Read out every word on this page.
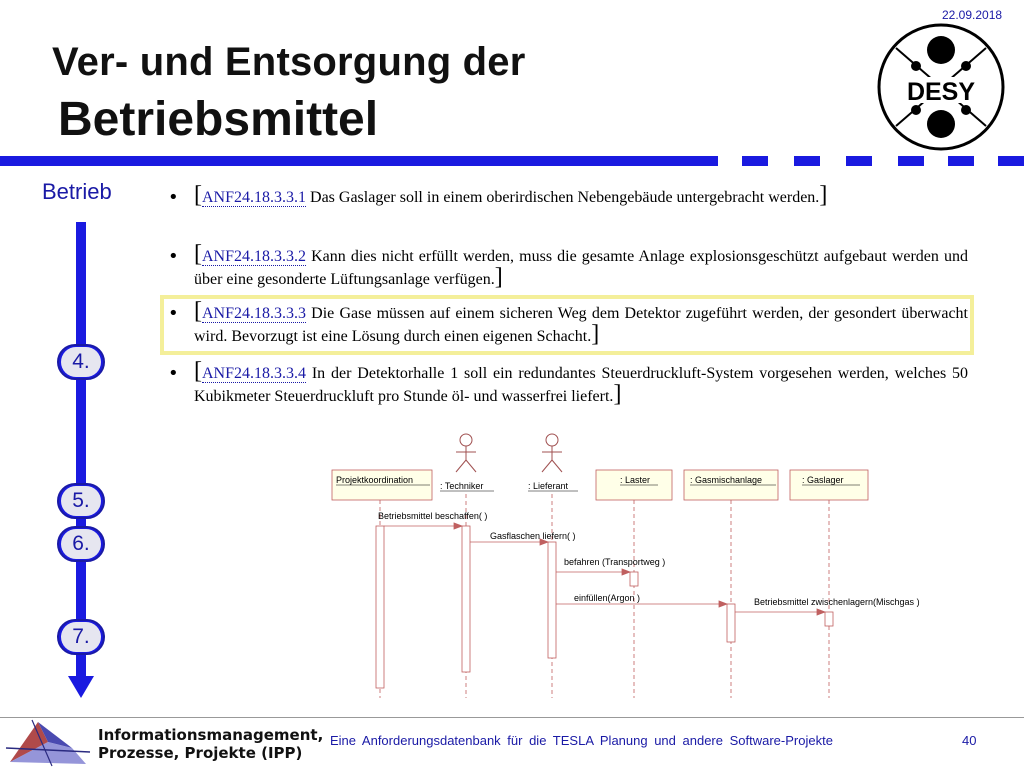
22.09.2018
Ver- und Entsorgung der
Betriebsmittel
DESY
Betrieb
4.
5.
6.
7.
• [ANF24.18.3.3.1 Das Gaslager soll in einem oberirdischen Nebengebäude untergebracht werden.]
• [ANF24.18.3.3.2 Kann dies nicht erfüllt werden, muss die gesamte Anlage explosionsgeschützt aufgebaut werden und über eine gesonderte Lüftungsanlage verfügen.]
• [ANF24.18.3.3.3 Die Gase müssen auf einem sicheren Weg dem Detektor zugeführt werden, der gesondert überwacht wird. Bevorzugt ist eine Lösung durch einen eigenen Schacht.]
• [ANF24.18.3.3.4 In der Detektorhalle 1 soll ein redundantes Steuerdruckluft-System vorgesehen werden, welches 50 Kubikmeter Steuerdruckluft pro Stunde öl- und wasserfrei liefert.]
Projektkoordination
: Techniker	: Lieferant
: Laster	: Gasmischanlage	: Gaslager
Betriebsmittel beschaffen( )
Gasflaschen liefern( )
befahren (Transportweg )
einfüllen(Argon )	Betriebsmittel zwischenlagern(Mischgas )
Informationsmanagement,
Prozesse, Projekte (IPP)
Eine Anforderungsdatenbank für die TESLA Planung und andere Software-Projekte	40
